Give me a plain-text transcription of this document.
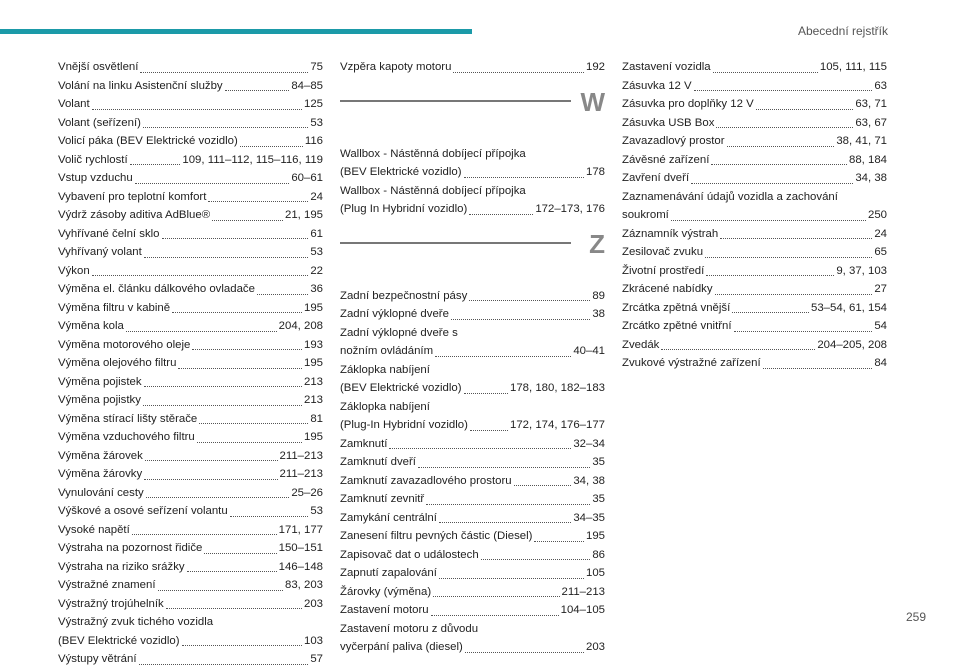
Abecední rejstřík
Vnější osvětlení	75
Volání na linku Asistenční služby	84–85
Volant	125
Volant (seřízení)	53
Volicí páka (BEV Elektrické vozidlo)	116
Volič rychlostí	109, 111–112, 115–116, 119
Vstup vzduchu	60–61
Vybavení pro teplotní komfort	24
Výdrž zásoby aditiva AdBlue®	21, 195
Vyhřívané čelní sklo	61
Vyhřívaný volant	53
Výkon	22
Výměna el. článku dálkového ovladače	36
Výměna filtru v kabině	195
Výměna kola	204, 208
Výměna motorového oleje	193
Výměna olejového filtru	195
Výměna pojistek	213
Výměna pojistky	213
Výměna stírací lišty stěrače	81
Výměna vzduchového filtru	195
Výměna žárovek	211–213
Výměna žárovky	211–213
Vynulování cesty	25–26
Výškové a osové seřízení volantu	53
Vysoké napětí	171, 177
Výstraha na pozornost řidiče	150–151
Výstraha na riziko srážky	146–148
Výstražné znamení	83, 203
Výstražný trojúhelník	203
Výstražný zvuk tichého vozidla
(BEV Elektrické vozidlo)	103
Výstupy větrání	57
Vzpěra kapoty motoru	192
W
Wallbox - Nástěnná dobíjecí přípojka
(BEV Elektrické vozidlo)	178
Wallbox - Nástěnná dobíjecí přípojka
(Plug In Hybridní vozidlo)	172–173, 176
Z
Zadní bezpečnostní pásy	89
Zadní výklopné dveře	38
Zadní výklopné dveře s
nožním ovládáním	40–41
Záklopka nabíjení
(BEV Elektrické vozidlo)	178, 180, 182–183
Záklopka nabíjení
(Plug-In Hybridní vozidlo)	172, 174, 176–177
Zamknutí	32–34
Zamknutí dveří	35
Zamknutí zavazadlového prostoru	34, 38
Zamknutí zevnitř	35
Zamykání centrální	34–35
Zanesení filtru pevných částic (Diesel)	195
Zapisovač dat o událostech	86
Zapnutí zapalování	105
Žárovky (výměna)	211–213
Zastavení motoru	104–105
Zastavení motoru z důvodu
vyčerpání paliva (diesel)	203
Zastavení vozidla	105, 111, 115
Zásuvka 12 V	63
Zásuvka pro doplňky 12 V	63, 71
Zásuvka USB Box	63, 67
Zavazadlový prostor	38, 41, 71
Závěsné zařízení	88, 184
Zavření dveří	34, 38
Zaznamenávání údajů vozidla a zachování
soukromí	250
Záznamník výstrah	24
Zesilovač zvuku	65
Životní prostředí	9, 37, 103
Zkrácené nabídky	27
Zrcátka zpětná vnější	53–54, 61, 154
Zrcátko zpětné vnitřní	54
Zvedák	204–205, 208
Zvukové výstražné zařízení	84
259
